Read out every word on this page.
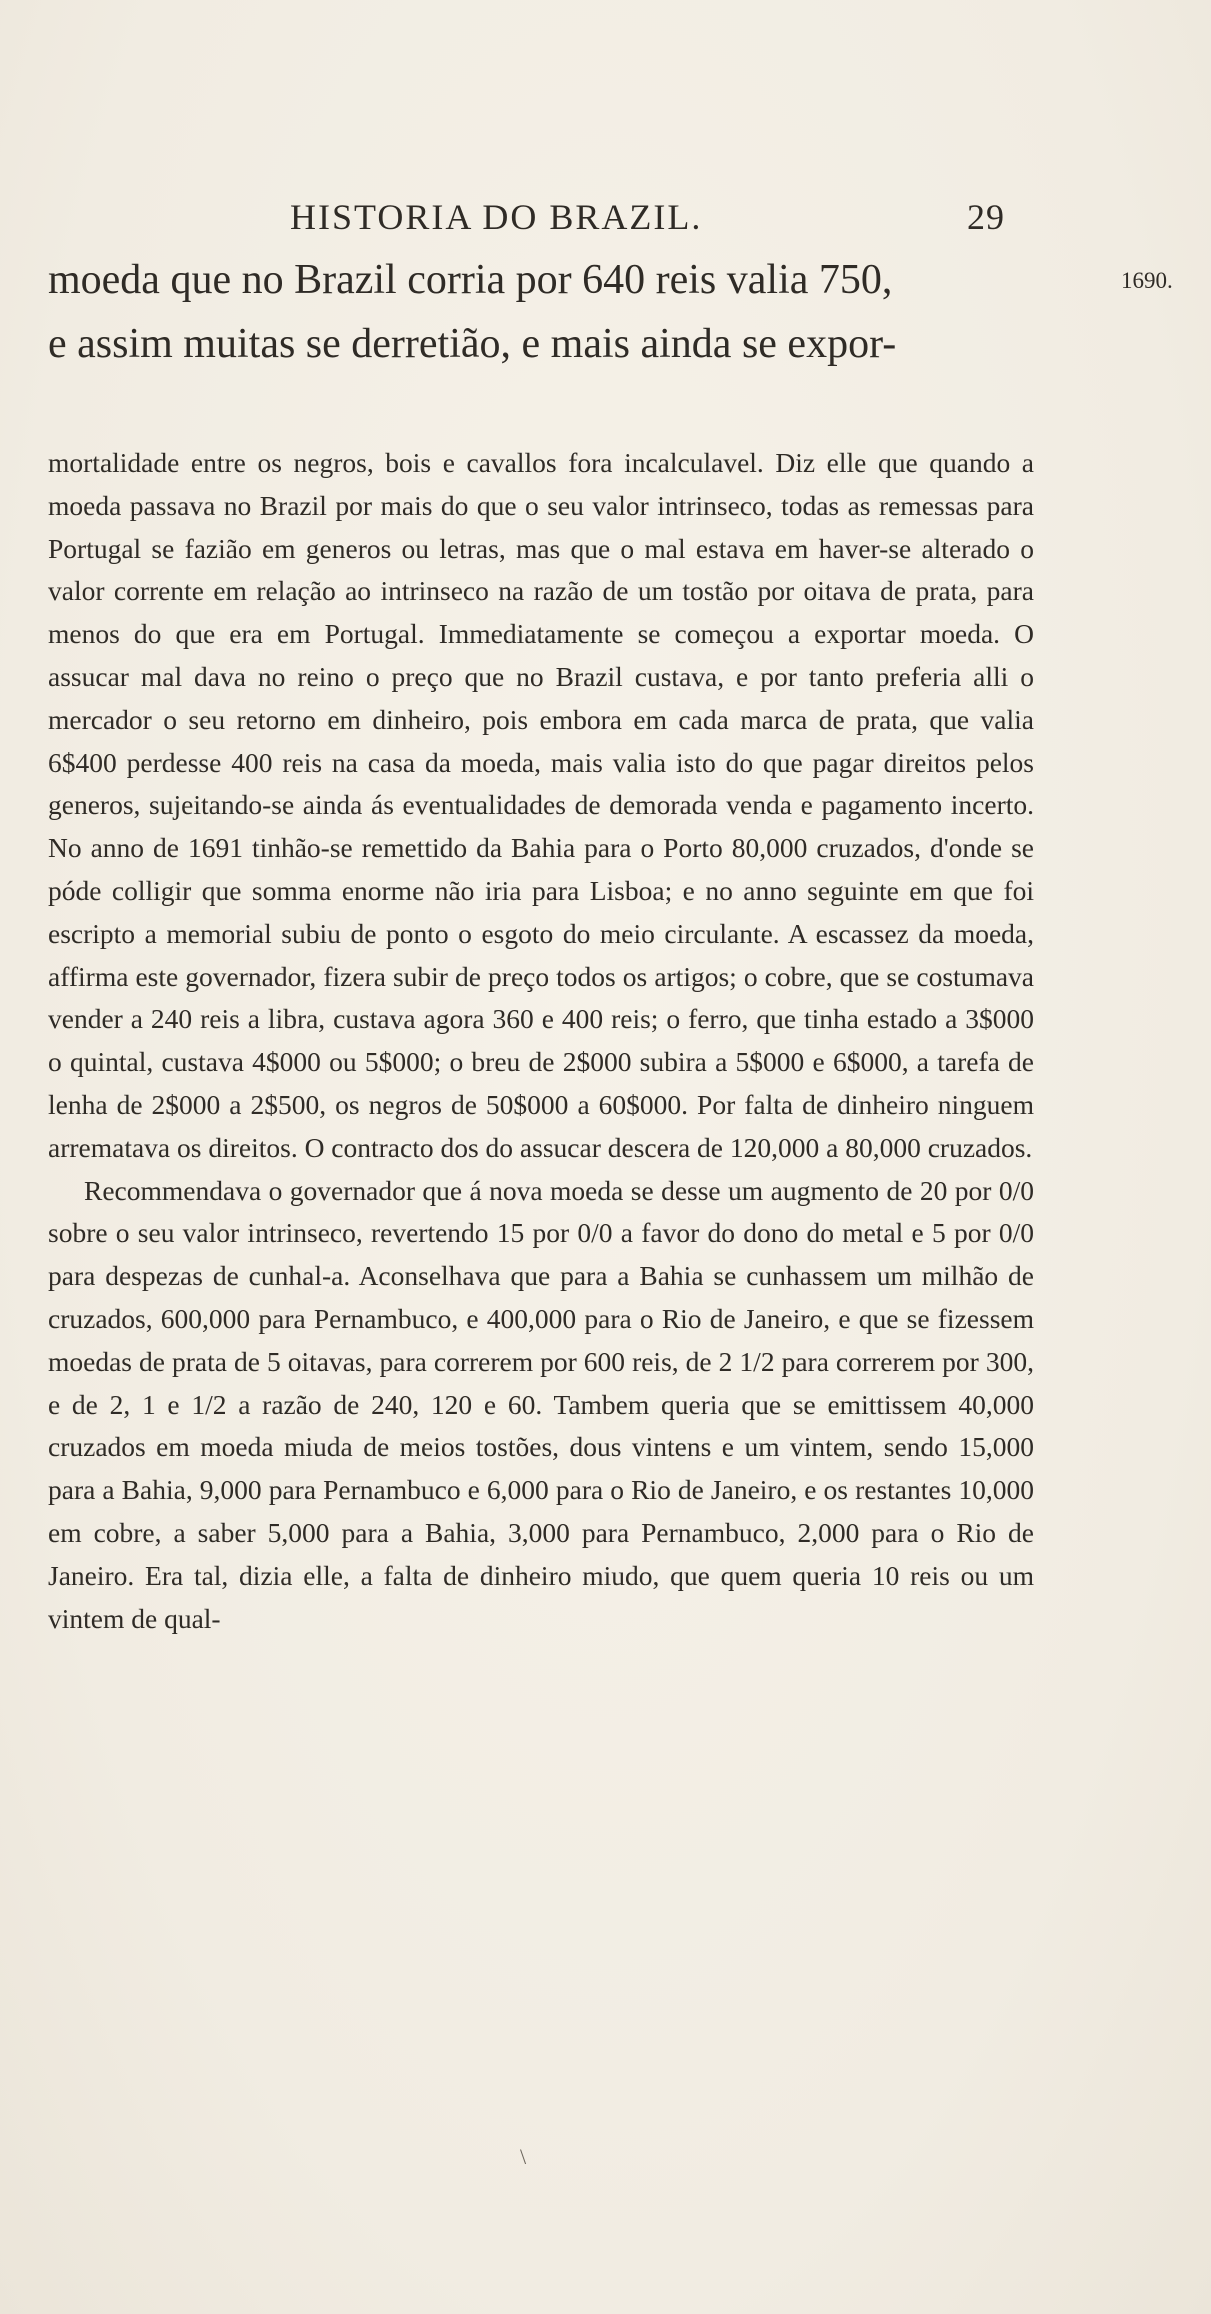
HISTORIA DO BRAZIL.	29
moeda que no Brazil corria por 640 reis valia 750,
e assim muitas se derretião, e mais ainda se expor-
1690.

mortalidade entre os negros, bois e cavallos fora incalculavel. Diz elle que quando a moeda passava no Brazil por mais do que o seu valor intrinseco, todas as remessas para Portugal se fazião em generos ou letras, mas que o mal estava em haver-se alterado o valor corrente em relação ao intrinseco na razão de um tostão por oitava de prata, para menos do que era em Portugal. Immediatamente se começou a exportar moeda. O assucar mal dava no reino o preço que no Brazil custava, e por tanto preferia alli o mercador o seu retorno em dinheiro, pois embora em cada marca de prata, que valia 6$400 perdesse 400 reis na casa da moeda, mais valia isto do que pagar direitos pelos generos, sujeitando-se ainda ás eventualidades de demorada venda e pagamento incerto. No anno de 1691 tinhão-se remettido da Bahia para o Porto 80,000 cruzados, d'onde se póde colligir que somma enorme não iria para Lisboa; e no anno seguinte em que foi escripto a memorial subiu de ponto o esgoto do meio circulante. A escassez da moeda, affirma este governador, fizera subir de preço todos os artigos; o cobre, que se costumava vender a 240 reis a libra, custava agora 360 e 400 reis; o ferro, que tinha estado a 3$000 o quintal, custava 4$000 ou 5$000; o breu de 2$000 subira a 5$000 e 6$000, a tarefa de lenha de 2$000 a 2$500, os negros de 50$000 a 60$000. Por falta de dinheiro ninguem arrematava os direitos. O contracto dos do assucar descera de 120,000 a 80,000 cruzados.

Recommendava o governador que á nova moeda se desse um augmento de 20 por 0/0 sobre o seu valor intrinseco, revertendo 15 por 0/0 a favor do dono do metal e 5 por 0/0 para despezas de cunhal-a. Aconselhava que para a Bahia se cunhassem um milhão de cruzados, 600,000 para Pernambuco, e 400,000 para o Rio de Janeiro, e que se fizessem moedas de prata de 5 oitavas, para correrem por 600 reis, de 2 1/2 para correrem por 300, e de 2, 1 e 1/2 a razão de 240, 120 e 60. Tambem queria que se emittissem 40,000 cruzados em moeda miuda de meios tostões, dous vintens e um vintem, sendo 15,000 para a Bahia, 9,000 para Pernambuco e 6,000 para o Rio de Janeiro, e os restantes 10,000 em cobre, a saber 5,000 para a Bahia, 3,000 para Pernambuco, 2,000 para o Rio de Janeiro. Era tal, dizia elle, a falta de dinheiro miudo, que quem queria 10 reis ou um vintem de qual-

\
